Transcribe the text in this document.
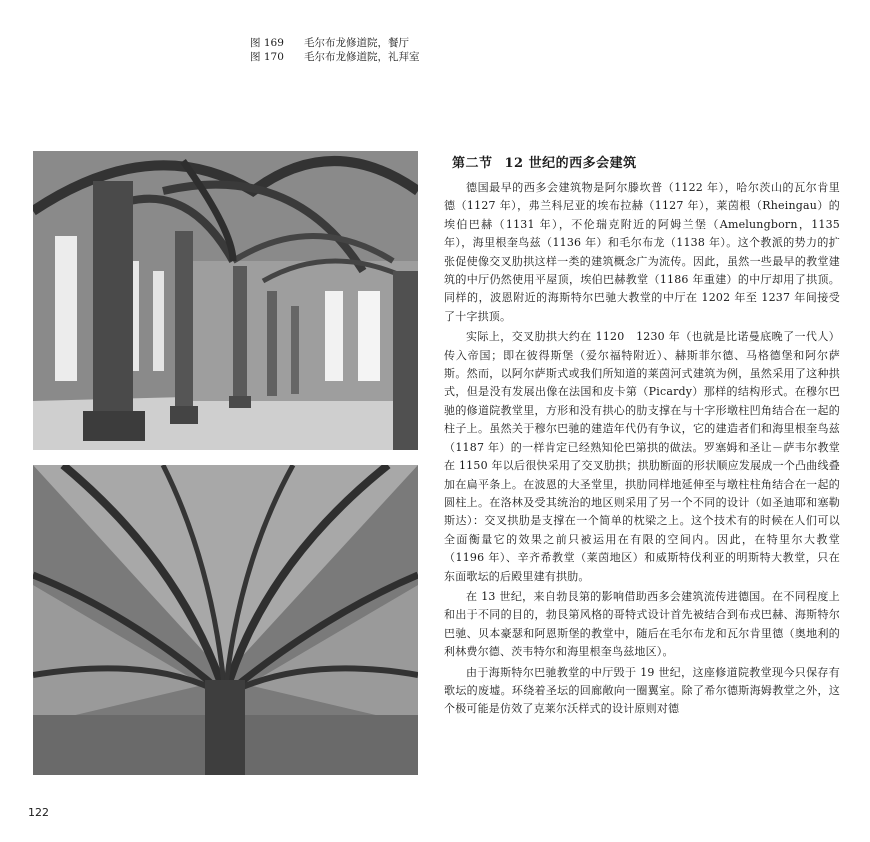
图 169	毛尔布龙修道院，餐厅
图 170	毛尔布龙修道院，礼拜室
第二节 12 世纪的西多会建筑

德国最早的西多会建筑物是阿尔滕坎普（1122 年），哈尔茨山的瓦尔肯里德（1127 年），弗兰科尼亚的埃布拉赫（1127 年），莱茵根（Rheingau）的埃伯巴赫（1131 年），不伦瑞克附近的阿姆兰堡（Amelungborn，1135 年），海里根奎鸟兹（1136 年）和毛尔布龙（1138 年）。这个教派的势力的扩张促使像交叉肋拱这样一类的建筑概念广为流传。因此，虽然一些最早的教堂建筑的中厅仍然使用平屋顶，埃伯巴赫教堂（1186 年重建）的中厅却用了拱顶。同样的，波恩附近的海斯特尔巴驰大教堂的中厅在 1202 年至 1237 年间接受了十字拱顶。

实际上，交叉肋拱大约在 1120　1230 年（也就是比诺曼底晚了一代人）传入帝国；即在彼得斯堡（爱尔福特附近）、赫斯菲尔德、马格德堡和阿尔萨斯。然而，以阿尔萨斯式或我们所知道的莱茵河式建筑为例，虽然采用了这种拱式，但是没有发展出像在法国和皮卡第（Picardy）那样的结构形式。在穆尔巴驰的修道院教堂里，方形和没有拱心的肋支撑在与十字形墩柱凹角结合在一起的柱子上。虽然关于穆尔巴驰的建造年代仍有争议，它的建造者们和海里根奎鸟兹（1187 年）的一样肯定已经熟知伦巴第拱的做法。罗塞姆和圣让－萨韦尔教堂在 1150 年以后很快采用了交叉肋拱；拱肋断面的形状顺应发展成一个凸曲线叠加在扁平条上。在波恩的大圣堂里，拱肋同样地延伸至与墩柱柱角结合在一起的圆柱上。在洛林及受其统治的地区则采用了另一个不同的设计（如圣迪耶和塞勒斯达）：交叉拱肋是支撑在一个简单的枕梁之上。这个技术有的时候在人们可以全面衡量它的效果之前只被运用在有限的空间内。因此，在特里尔大教堂（1196 年）、辛齐希教堂（莱茵地区）和威斯特伐利亚的明斯特大教堂，只在东面歌坛的后殿里建有拱肋。

在 13 世纪，来自勃艮第的影响借助西多会建筑流传进德国。在不同程度上和出于不同的目的，勃艮第风格的哥特式设计首先被结合到布戎巴赫、海斯特尔巴驰、贝本豪瑟和阿恩斯堡的教堂中，随后在毛尔布龙和瓦尔肯里德（奥地利的利林费尔德、茨韦特尔和海里根奎鸟兹地区）。

由于海斯特尔巴驰教堂的中厅毁于 19 世纪，这座修道院教堂现今只保存有歌坛的废墟。环绕着圣坛的回廊敞向一圈翼室。除了希尔德斯海姆教堂之外，这个极可能是仿效了克莱尔沃样式的设计原则对德

122
